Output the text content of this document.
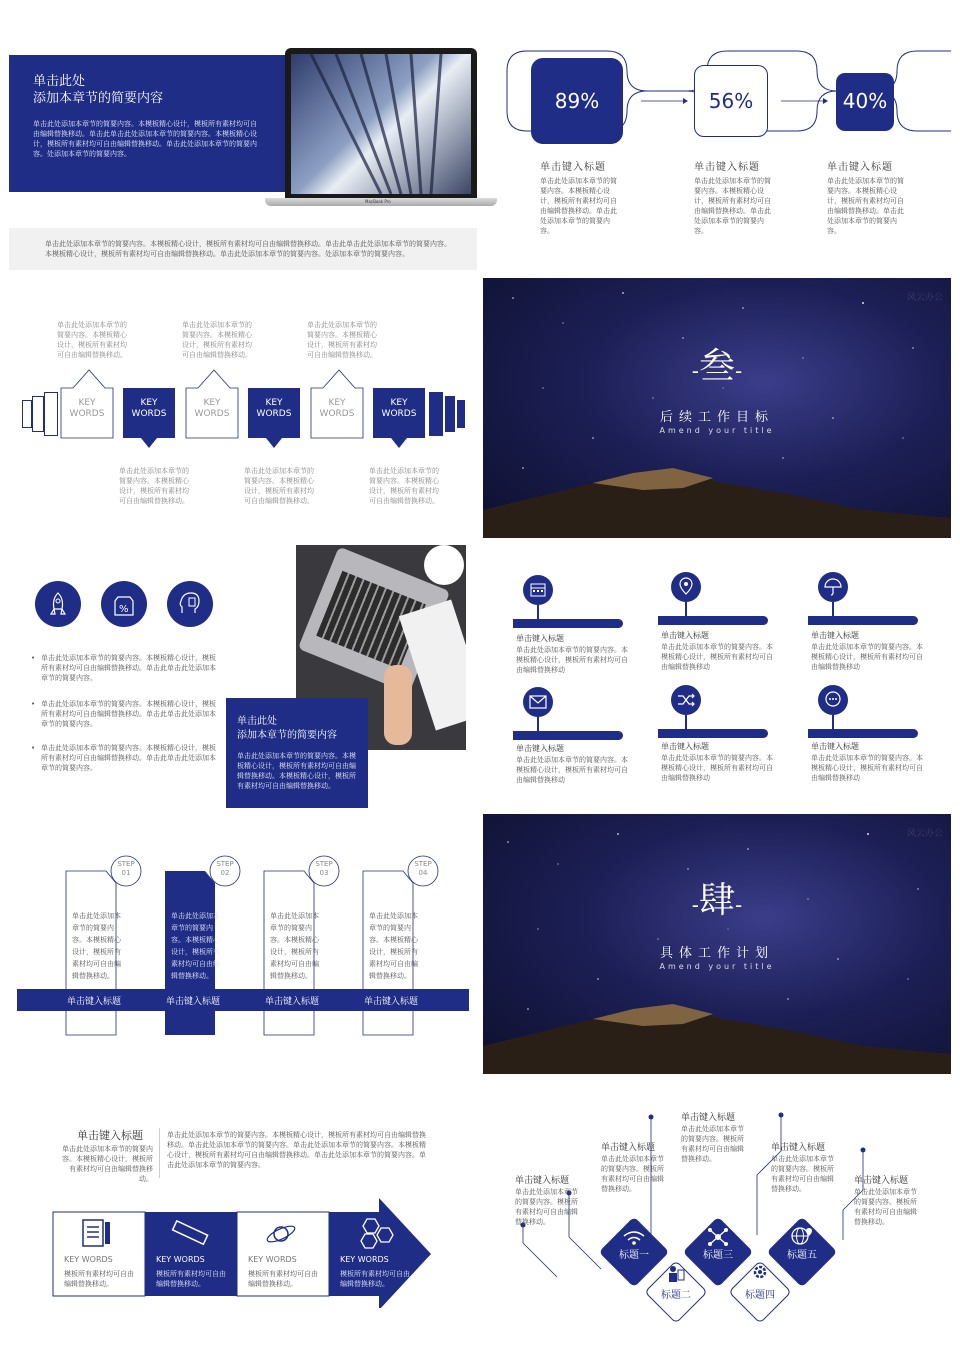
单击此处
添加本章节的简要内容
单击此处添加本章节的简要内容。本模板精心设计，模板所有素材均可自由编辑替换移动。单击此单击此处添加本章节的简要内容。本模板精心设计，模板所有素材均可自由编辑替换移动。单击此处添加本章节的简要内容。处添加本章节的简要内容。
MacBook Pro
单击此处添加本章节的简要内容。本模板精心设计，模板所有素材均可自由编辑替换移动。单击此单击此处添加本章节的简要内容。本模板精心设计，模板所有素材均可自由编辑替换移动。单击此处添加本章节的简要内容。处添加本章节的简要内容。
89%	56%	40%
单击键入标题
单击此处添加本章节的简要内容。本模板精心设计，模板所有素材均可自由编辑替换移动。单击此处添加本章节的简要内容。
单击键入标题
单击此处添加本章节的简要内容。本模板精心设计，模板所有素材均可自由编辑替换移动。单击此处添加本章节的简要内容。
单击键入标题
单击此处添加本章节的简要内容。本模板精心设计，模板所有素材均可自由编辑替换移动。单击此处添加本章节的简要内容。
单击此处添加本章节的简要内容。本模板精心设计，模板所有素材均可自由编辑替换移动。
单击此处添加本章节的简要内容。本模板精心设计，模板所有素材均可自由编辑替换移动。
单击此处添加本章节的简要内容。本模板精心设计，模板所有素材均可自由编辑替换移动。
KEY
WORDS
KEY
WORDS
KEY
WORDS
KEY
WORDS
KEY
WORDS
KEY
WORDS
单击此处添加本章节的简要内容。本模板精心设计，模板所有素材均可自由编辑替换移动。
单击此处添加本章节的简要内容。本模板精心设计，模板所有素材均可自由编辑替换移动。
单击此处添加本章节的简要内容。本模板精心设计，模板所有素材均可自由编辑替换移动。
风云办公
-叁-
后续工作目标
Amend your title
%
• 单击此处添加本章节的简要内容。本模板精心设计，模板所有素材均可自由编辑替换移动。单击此单击此处添加本章节的简要内容。
• 单击此处添加本章节的简要内容。本模板精心设计，模板所有素材均可自由编辑替换移动。单击此单击此处添加本章节的简要内容。
• 单击此处添加本章节的简要内容。本模板精心设计，模板所有素材均可自由编辑替换移动。单击此单击此处添加本章节的简要内容。
单击此处
添加本章节的简要内容
单击此处添加本章节的简要内容。本模板精心设计，模板所有素材均可自由编辑替换移动。本模板精心设计，模板所有素材均可自由编辑替换移动。
单击键入标题
单击此处添加本章节的简要内容。本模板精心设计，模板所有素材均可自由编辑替换移动
单击键入标题
单击此处添加本章节的简要内容。本模板精心设计，模板所有素材均可自由编辑替换移动
单击键入标题
单击此处添加本章节的简要内容。本模板精心设计，模板所有素材均可自由编辑替换移动
单击键入标题
单击此处添加本章节的简要内容。本模板精心设计，模板所有素材均可自由编辑替换移动
单击键入标题
单击此处添加本章节的简要内容。本模板精心设计，模板所有素材均可自由编辑替换移动
单击键入标题
单击此处添加本章节的简要内容。本模板精心设计，模板所有素材均可自由编辑替换移动
STEP
01
STEP
02
STEP
03
STEP
04
单击此处添加本章节的简要内容。本模板精心设计，模板所有素材均可自由编辑替换移动。
单击此处添加本章节的简要内容。本模板精心设计，模板所有素材均可自由编辑替换移动。
单击此处添加本章节的简要内容。本模板精心设计，模板所有素材均可自由编辑替换移动。
单击此处添加本章节的简要内容。本模板精心设计，模板所有素材均可自由编辑替换移动。
单击键入标题	单击键入标题	单击键入标题	单击键入标题
风云办公
-肆-
具体工作计划
Amend your title
单击键入标题
单击此处添加本章节的简要内容。本模板精心设计，模板所有素材均可自由编辑替换移动。
单击此处添加本章节的简要内容。本模板精心设计，模板所有素材均可自由编辑替换移动。单击此处添加本章节的简要内容。单击此处添加本章节的简要内容。本模板精心设计，模板所有素材均可自由编辑替换移动。单击此处添加本章节的简要内容。单击此处添加本章节的简要内容。
KEY WORDS
模板所有素材均可自由编辑替换移动。
KEY WORDS
模板所有素材均可自由编辑替换移动。
KEY WORDS
模板所有素材均可自由编辑替换移动。
KEY WORDS
模板所有素材均可自由编辑替换移动。
标题一
标题二
标题三
标题四
标题五
单击键入标题
单击此处添加本章节的简要内容。模板所有素材均可自由编辑替换移动。
单击键入标题
单击此处添加本章节的简要内容。模板所有素材均可自由编辑替换移动。
单击键入标题
单击此处添加本章节的简要内容。模板所有素材均可自由编辑替换移动。
单击键入标题
单击此处添加本章节的简要内容。模板所有素材均可自由编辑替换移动。
单击键入标题
单击此处添加本章节的简要内容。模板所有素材均可自由编辑替换移动。
